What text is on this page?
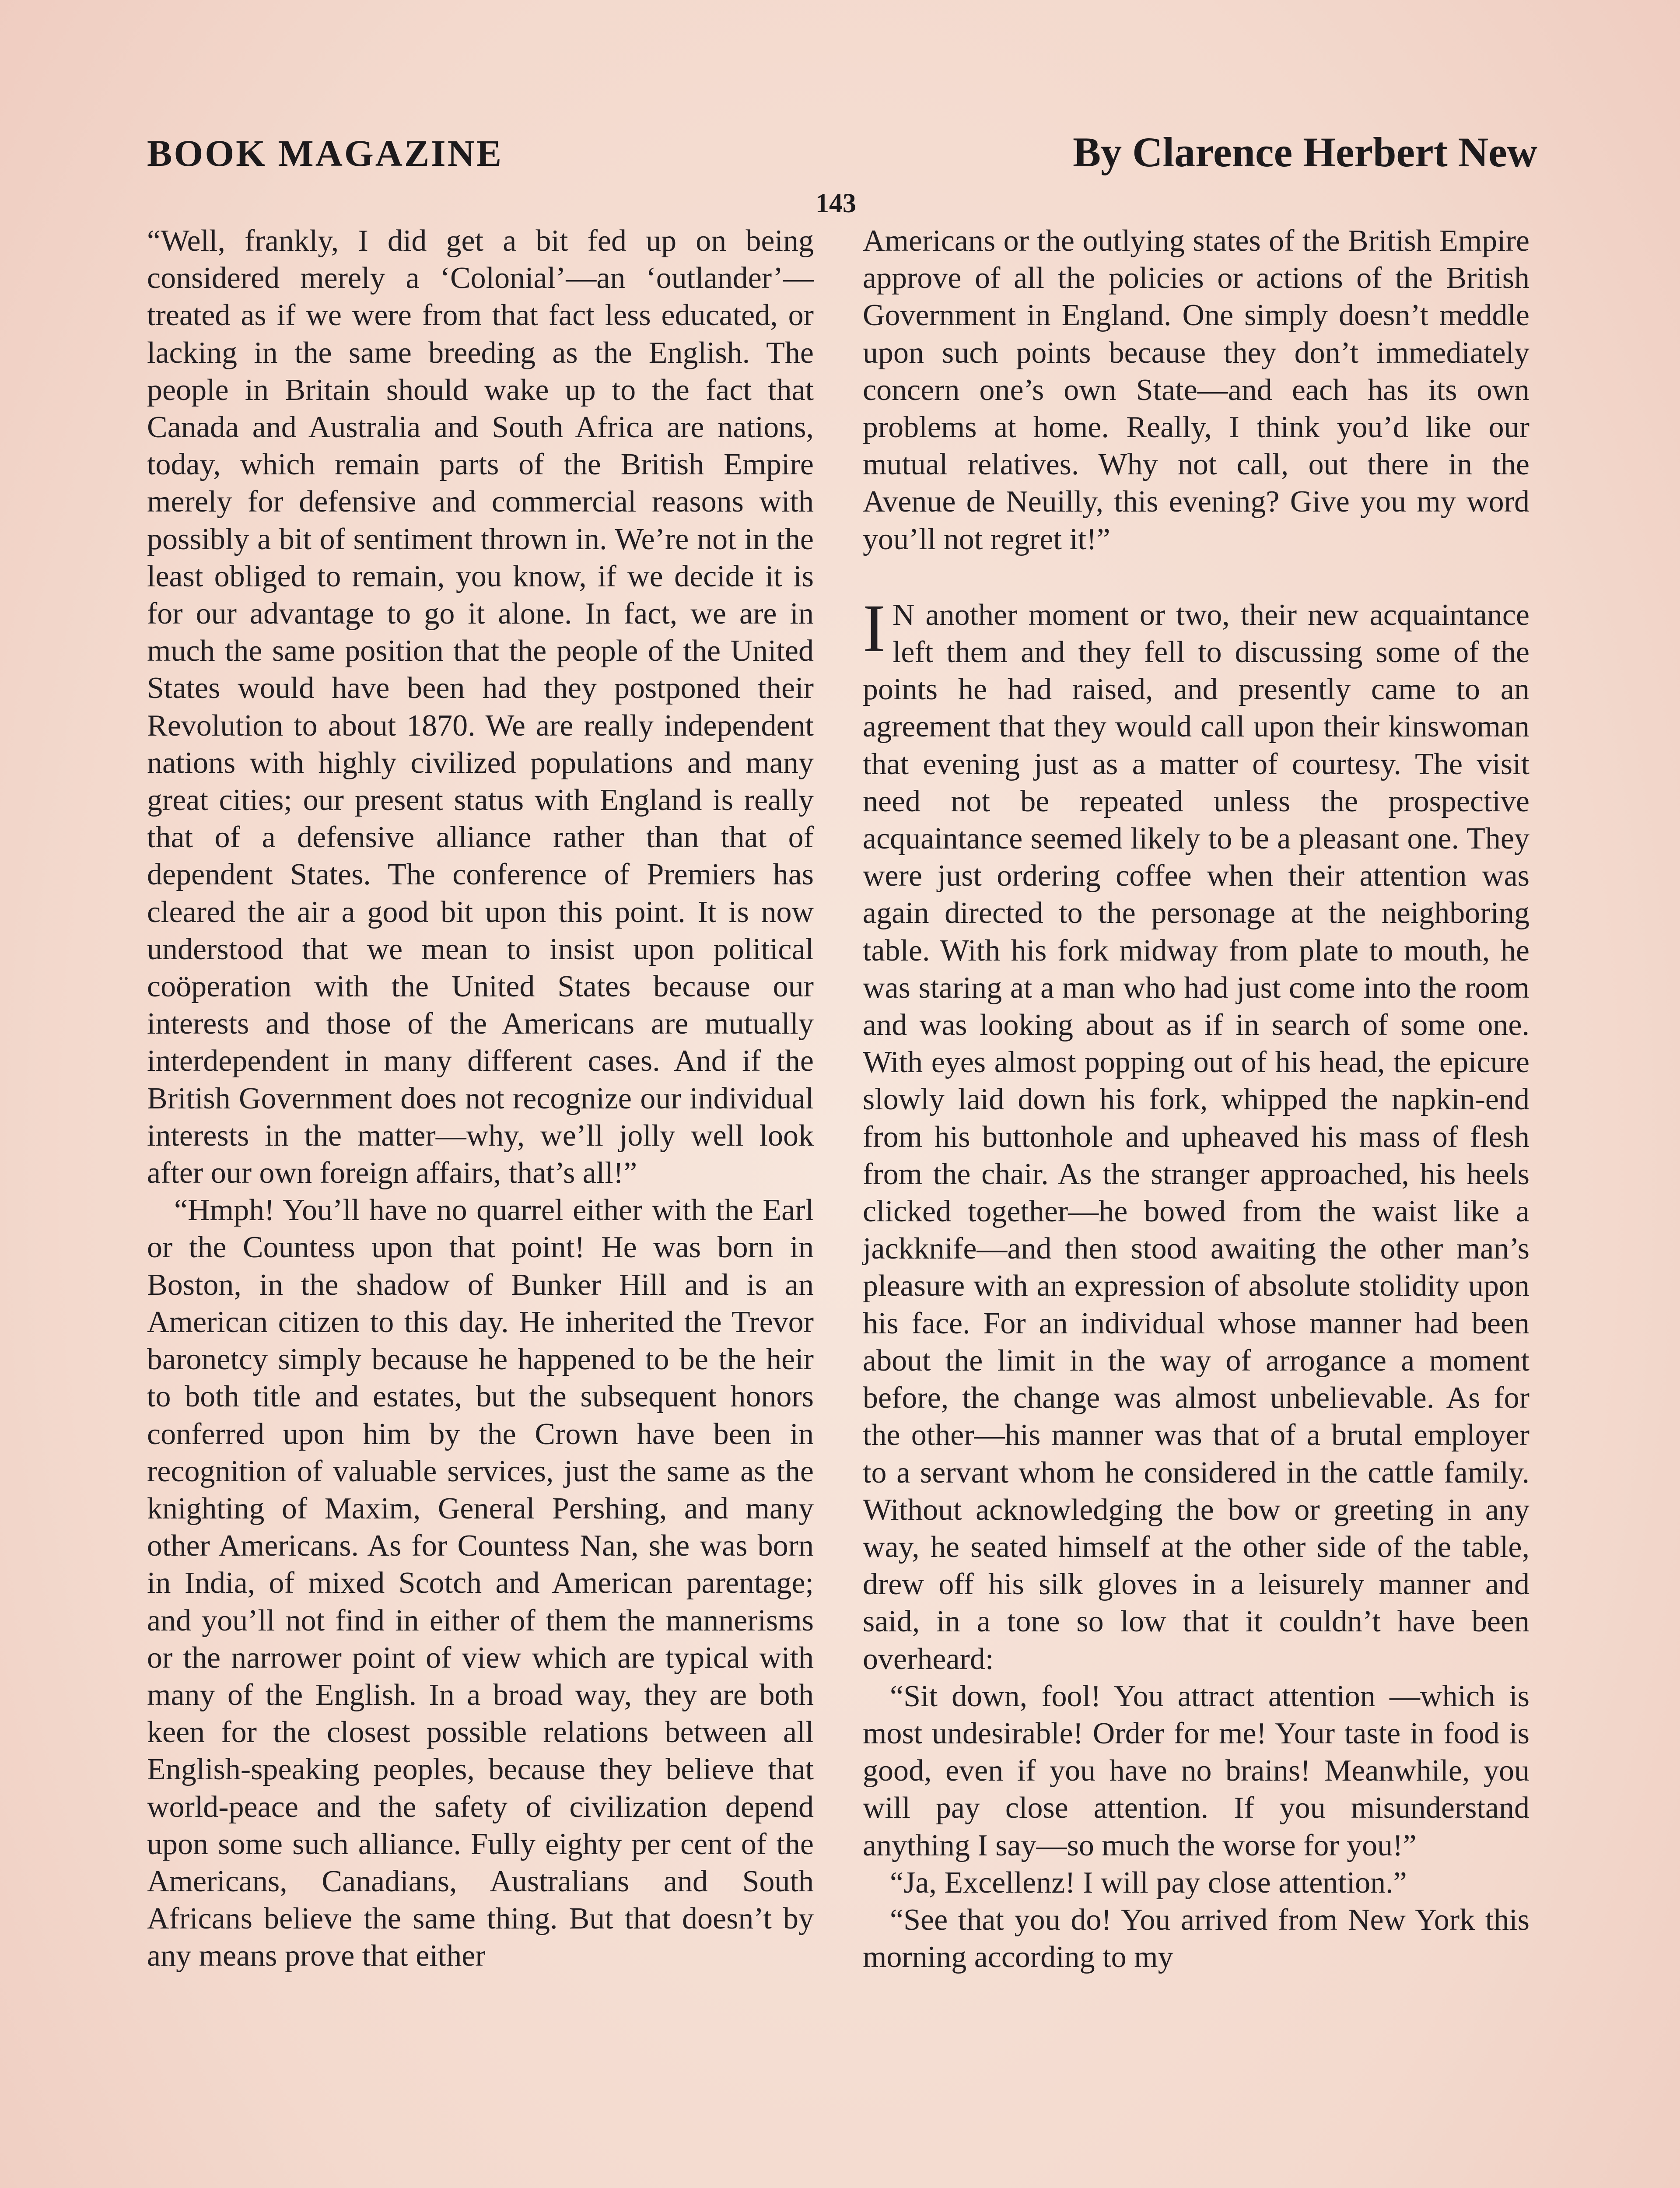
BOOK MAGAZINE	By Clarence Herbert New
143

“Well, frankly, I did get a bit fed up on being considered merely a ‘Colonial’—an ‘outlander’—treated as if we were from that fact less educated, or lacking in the same breeding as the English. The people in Britain should wake up to the fact that Canada and Australia and South Africa are nations, today, which remain parts of the British Empire merely for defensive and commercial reasons with possibly a bit of sentiment thrown in. We’re not in the least obliged to remain, you know, if we decide it is for our advantage to go it alone. In fact, we are in much the same position that the people of the United States would have been had they postponed their Revolution to about 1870. We are really independent nations with highly civilized populations and many great cities; our present status with England is really that of a defensive alliance rather than that of dependent States. The conference of Premiers has cleared the air a good bit upon this point. It is now understood that we mean to insist upon political coöperation with the United States because our interests and those of the Americans are mutually interdependent in many different cases. And if the British Government does not recognize our individual interests in the matter—why, we’ll jolly well look after our own foreign affairs, that’s all!”

“Hmph! You’ll have no quarrel either with the Earl or the Countess upon that point! He was born in Boston, in the shadow of Bunker Hill and is an American citizen to this day. He inherited the Trevor baronetcy simply because he happened to be the heir to both title and estates, but the subsequent honors conferred upon him by the Crown have been in recognition of valuable services, just the same as the knighting of Maxim, General Pershing, and many other Americans. As for Countess Nan, she was born in India, of mixed Scotch and American parentage; and you’ll not find in either of them the mannerisms or the narrower point of view which are typical with many of the English. In a broad way, they are both keen for the closest possible relations between all English-speaking peoples, because they believe that world-peace and the safety of civilization depend upon some such alliance. Fully eighty per cent of the Americans, Canadians, Australians and South Africans believe the same thing. But that doesn’t by any means prove that either

Americans or the outlying states of the British Empire approve of all the policies or actions of the British Government in England. One simply doesn’t meddle upon such points because they don’t immediately concern one’s own State—and each has its own problems at home. Really, I think you’d like our mutual relatives. Why not call, out there in the Avenue de Neuilly, this evening? Give you my word you’ll not regret it!”

I N another moment or two, their new acquaintance left them and they fell to discussing some of the points he had raised, and presently came to an agreement that they would call upon their kinswoman that evening just as a matter of courtesy. The visit need not be repeated unless the prospective acquaintance seemed likely to be a pleasant one. They were just ordering coffee when their attention was again directed to the personage at the neighboring table. With his fork midway from plate to mouth, he was staring at a man who had just come into the room and was looking about as if in search of some one. With eyes almost popping out of his head, the epicure slowly laid down his fork, whipped the napkin-end from his buttonhole and upheaved his mass of flesh from the chair. As the stranger approached, his heels clicked together—he bowed from the waist like a jackknife—and then stood awaiting the other man’s pleasure with an expression of absolute stolidity upon his face. For an individual whose manner had been about the limit in the way of arrogance a moment before, the change was almost unbelievable. As for the other—his manner was that of a brutal employer to a servant whom he considered in the cattle family. Without acknowledging the bow or greeting in any way, he seated himself at the other side of the table, drew off his silk gloves in a leisurely manner and said, in a tone so low that it couldn’t have been overheard:

“Sit down, fool! You attract attention —which is most undesirable! Order for me! Your taste in food is good, even if you have no brains! Meanwhile, you will pay close attention. If you misunderstand anything I say—so much the worse for you!”

“Ja, Excellenz! I will pay close attention.”

“See that you do! You arrived from New York this morning according to my
